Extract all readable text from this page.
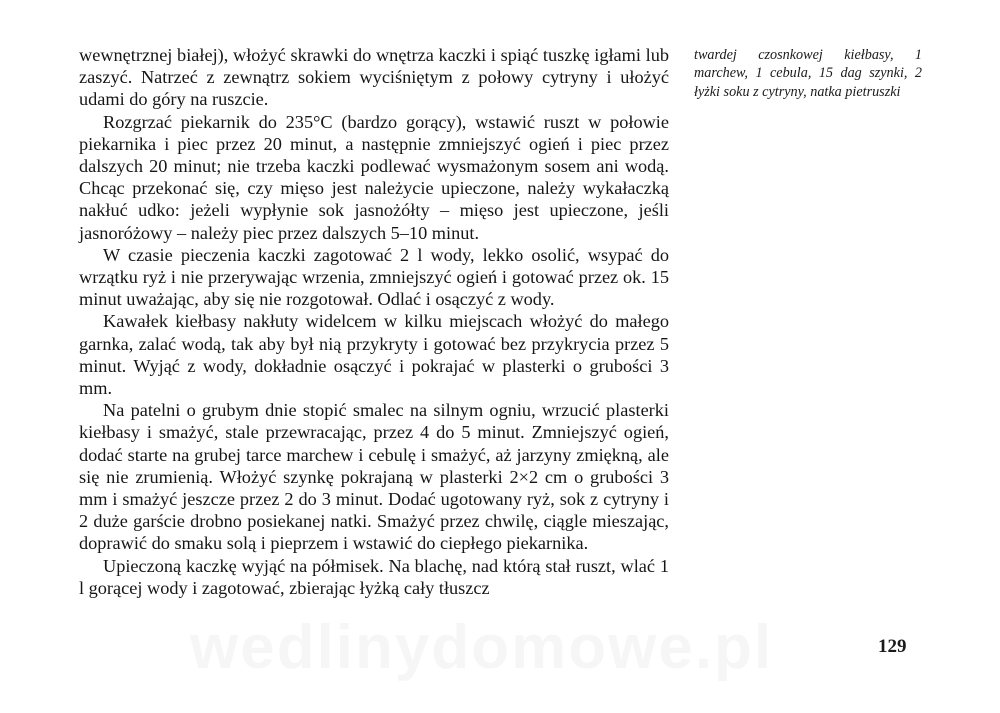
wewnętrznej białej), włożyć skrawki do wnętrza kaczki i spiąć tuszkę igłami lub zaszyć. Natrzeć z zewnątrz sokiem wyciśniętym z połowy cytryny i ułożyć udami do góry na ruszcie.

Rozgrzać piekarnik do 235°C (bardzo gorący), wstawić ruszt w połowie piekarnika i piec przez 20 minut, a następnie zmniejszyć ogień i piec przez dalszych 20 minut; nie trzeba kaczki podlewać wysmażonym sosem ani wodą. Chcąc przekonać się, czy mięso jest należycie upieczone, należy wykałaczką nakłuć udko: jeżeli wypłynie sok jasnożółty – mięso jest upieczone, jeśli jasnoróżowy – należy piec przez dalszych 5–10 minut.

W czasie pieczenia kaczki zagotować 2 l wody, lekko osolić, wsypać do wrzątku ryż i nie przerywając wrzenia, zmniejszyć ogień i gotować przez ok. 15 minut uważając, aby się nie rozgotował. Odlać i osączyć z wody.

Kawałek kiełbasy nakłuty widelcem w kilku miejscach włożyć do małego garnka, zalać wodą, tak aby był nią przykryty i gotować bez przykrycia przez 5 minut. Wyjąć z wody, dokładnie osączyć i pokrajać w plasterki o grubości 3 mm.

Na patelni o grubym dnie stopić smalec na silnym ogniu, wrzucić plasterki kiełbasy i smażyć, stale przewracając, przez 4 do 5 minut. Zmniejszyć ogień, dodać starte na grubej tarce marchew i cebulę i smażyć, aż jarzyny zmiękną, ale się nie zrumienią. Włożyć szynkę pokrajaną w plasterki 2×2 cm o grubości 3 mm i smażyć jeszcze przez 2 do 3 minut. Dodać ugotowany ryż, sok z cytryny i 2 duże garście drobno posiekanej natki. Smażyć przez chwilę, ciągle mieszając, doprawić do smaku solą i pieprzem i wstawić do ciepłego piekarnika.

Upieczoną kaczkę wyjąć na półmisek. Na blachę, nad którą stał ruszt, wlać 1 l gorącej wody i zagotować, zbierając łyżką cały tłuszcz

twardej czosnkowej kiełbasy, 1 marchew, 1 cebula, 15 dag szynki, 2 łyżki soku z cytryny, natka pietruszki
129
